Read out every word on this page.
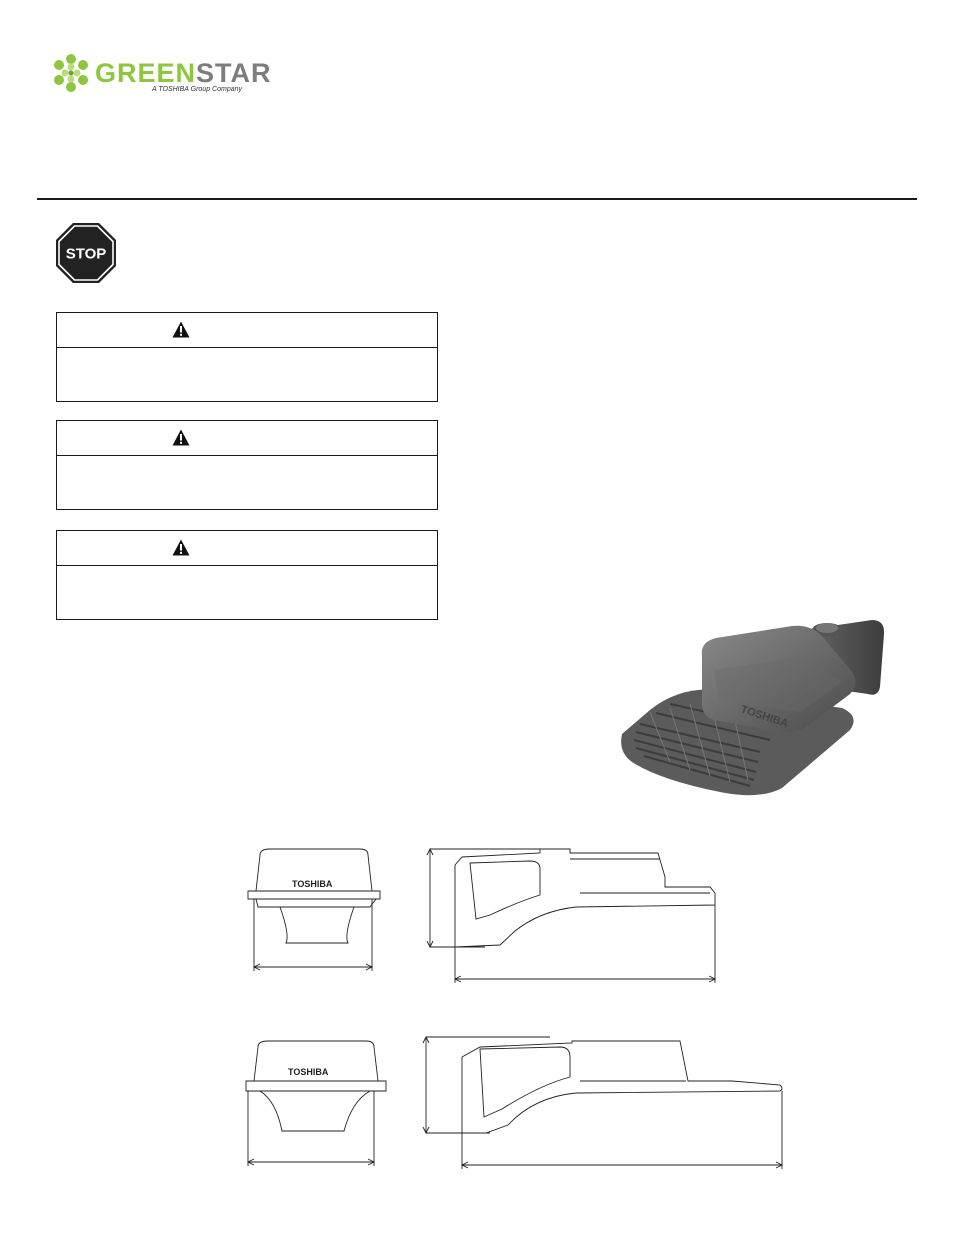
GREENSTAR
A TOSHIBA Group Company
STOP
TOSHIBA
TOSHIBA
TOSHIBA
